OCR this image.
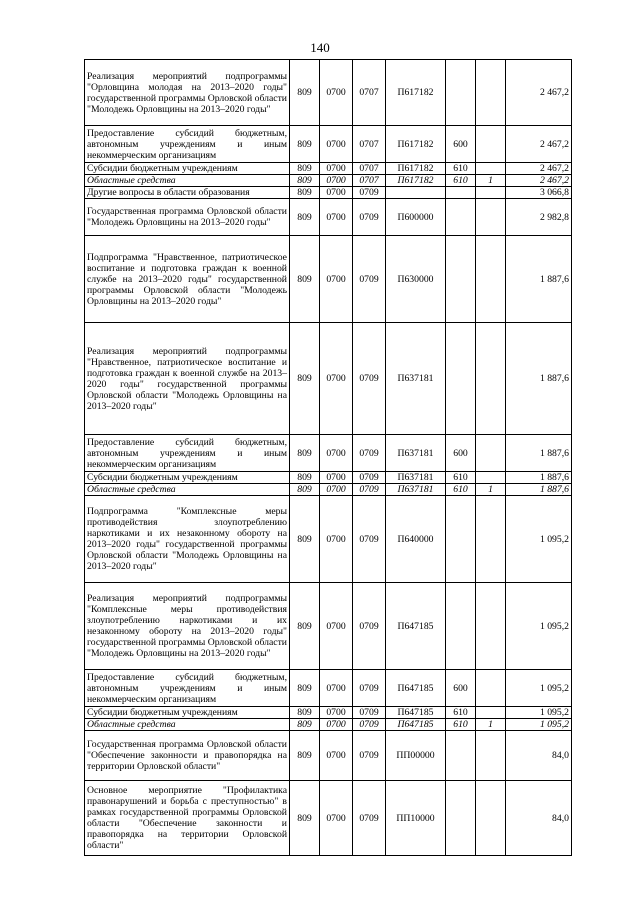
140
Реализация мероприятий подпрограммы "Орловщина молодая на 2013–2020 годы" государственной программы Орловской области "Молодежь Орловщины на 2013–2020 годы"	809	0700	0707	П617182			2 467,2
Предоставление субсидий бюджетным, автономным учреждениям и иным некоммерческим организациям	809	0700	0707	П617182	600		2 467,2
Субсидии бюджетным учреждениям	809	0700	0707	П617182	610		2 467,2
Областные средства	809	0700	0707	П617182	610	1	2 467,2
Другие вопросы в области образования	809	0700	0709				3 066,8
Государственная программа Орловской области "Молодежь Орловщины на 2013–2020 годы"	809	0700	0709	П600000			2 982,8
Подпрограмма "Нравственное, патриотическое воспитание и подготовка граждан к военной службе на 2013–2020 годы" государственной программы Орловской области "Молодежь Орловщины на 2013–2020 годы"	809	0700	0709	П630000			1 887,6
Реализация мероприятий подпрограммы "Нравственное, патриотическое воспитание и подготовка граждан к военной службе на 2013–2020 годы" государственной программы Орловской области "Молодежь Орловщины на 2013–2020 годы"	809	0700	0709	П637181			1 887,6
Предоставление субсидий бюджетным, автономным учреждениям и иным некоммерческим организациям	809	0700	0709	П637181	600		1 887,6
Субсидии бюджетным учреждениям	809	0700	0709	П637181	610		1 887,6
Областные средства	809	0700	0709	П637181	610	1	1 887,6
Подпрограмма "Комплексные меры противодействия злоупотреблению наркотиками и их незаконному обороту на 2013–2020 годы" государственной программы Орловской области "Молодежь Орловщины на 2013–2020 годы"	809	0700	0709	П640000			1 095,2
Реализация мероприятий подпрограммы "Комплексные меры противодействия злоупотреблению наркотиками и их незаконному обороту на 2013–2020 годы" государственной программы Орловской области "Молодежь Орловщины на 2013–2020 годы"	809	0700	0709	П647185			1 095,2
Предоставление субсидий бюджетным, автономным учреждениям и иным некоммерческим организациям	809	0700	0709	П647185	600		1 095,2
Субсидии бюджетным учреждениям	809	0700	0709	П647185	610		1 095,2
Областные средства	809	0700	0709	П647185	610	1	1 095,2
Государственная программа Орловской области "Обеспечение законности и правопорядка на территории Орловской области"	809	0700	0709	ПП00000			84,0
Основное мероприятие "Профилактика правонарушений и борьба с преступностью" в рамках государственной программы Орловской области "Обеспечение законности и правопорядка на территории Орловской области"	809	0700	0709	ПП10000			84,0
